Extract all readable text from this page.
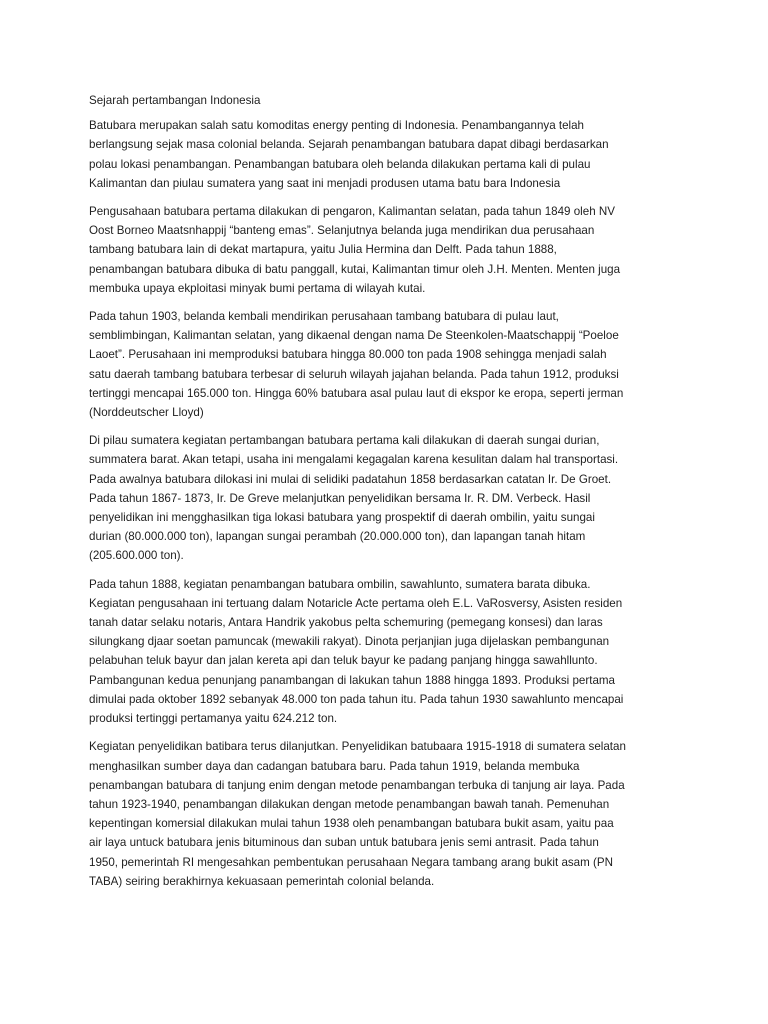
Sejarah pertambangan Indonesia

Batubara merupakan salah satu komoditas energy penting di Indonesia. Penambangannya telah
berlangsung sejak masa colonial belanda. Sejarah penambangan batubara dapat dibagi berdasarkan
polau lokasi penambangan. Penambangan batubara oleh belanda dilakukan pertama kali di pulau
Kalimantan dan piulau sumatera yang saat ini menjadi produsen utama batu bara Indonesia

Pengusahaan batubara pertama dilakukan di pengaron, Kalimantan selatan, pada tahun 1849 oleh NV
Oost Borneo Maatsnhappij “banteng emas”. Selanjutnya belanda juga mendirikan dua perusahaan
tambang batubara lain di dekat martapura, yaitu Julia Hermina dan Delft. Pada tahun 1888,
penambangan batubara dibuka di batu panggall, kutai, Kalimantan timur oleh J.H. Menten. Menten juga
membuka upaya ekploitasi minyak bumi pertama di wilayah kutai.

Pada tahun 1903, belanda kembali mendirikan perusahaan tambang batubara di pulau laut,
semblimbingan, Kalimantan selatan, yang dikaenal dengan nama De Steenkolen-Maatschappij “Poeloe
Laoet”. Perusahaan ini memproduksi batubara hingga 80.000 ton pada 1908 sehingga menjadi salah
satu daerah tambang batubara terbesar di seluruh wilayah jajahan belanda. Pada tahun 1912, produksi
tertinggi mencapai 165.000 ton. Hingga 60% batubara asal pulau laut di ekspor ke eropa, seperti jerman
(Norddeutscher Lloyd)

Di pilau sumatera kegiatan pertambangan batubara pertama kali dilakukan di daerah sungai durian,
summatera barat. Akan tetapi, usaha ini mengalami kegagalan karena kesulitan dalam hal transportasi.
Pada awalnya batubara dilokasi ini mulai di selidiki padatahun 1858 berdasarkan catatan Ir. De Groet.
Pada tahun 1867- 1873, Ir. De Greve melanjutkan penyelidikan bersama Ir. R. DM. Verbeck. Hasil
penyelidikan ini mengghasilkan tiga lokasi batubara yang prospektif di daerah ombilin, yaitu sungai
durian (80.000.000 ton), lapangan sungai perambah (20.000.000 ton), dan lapangan tanah hitam
(205.600.000 ton).

Pada tahun 1888, kegiatan penambangan batubara ombilin, sawahlunto, sumatera barata dibuka.
Kegiatan pengusahaan ini tertuang dalam Notaricle Acte pertama oleh E.L. VaRosversy, Asisten residen
tanah datar selaku notaris, Antara Handrik yakobus pelta schemuring (pemegang konsesi) dan laras
silungkang djaar soetan pamuncak (mewakili rakyat). Dinota perjanjian juga dijelaskan pembangunan
pelabuhan teluk bayur dan jalan kereta api dan teluk bayur ke padang panjang hingga sawahllunto.
Pambangunan kedua penunjang panambangan di lakukan tahun 1888 hingga 1893. Produksi pertama
dimulai pada oktober 1892 sebanyak 48.000 ton pada tahun itu. Pada tahun 1930 sawahlunto mencapai
produksi tertinggi pertamanya yaitu 624.212 ton.

Kegiatan penyelidikan batibara terus dilanjutkan. Penyelidikan batubaara 1915-1918 di sumatera selatan
menghasilkan sumber daya dan cadangan batubara baru. Pada tahun 1919, belanda membuka
penambangan batubara di tanjung enim dengan metode penambangan terbuka di tanjung air laya. Pada
tahun 1923-1940, penambangan dilakukan dengan metode penambangan bawah tanah. Pemenuhan
kepentingan komersial dilakukan mulai tahun 1938 oleh penambangan batubara bukit asam, yaitu paa
air laya untuck batubara jenis bituminous dan suban untuk batubara jenis semi antrasit. Pada tahun
1950, pemerintah RI mengesahkan pembentukan perusahaan Negara tambang arang bukit asam (PN
TABA) seiring berakhirnya kekuasaan pemerintah colonial belanda.
